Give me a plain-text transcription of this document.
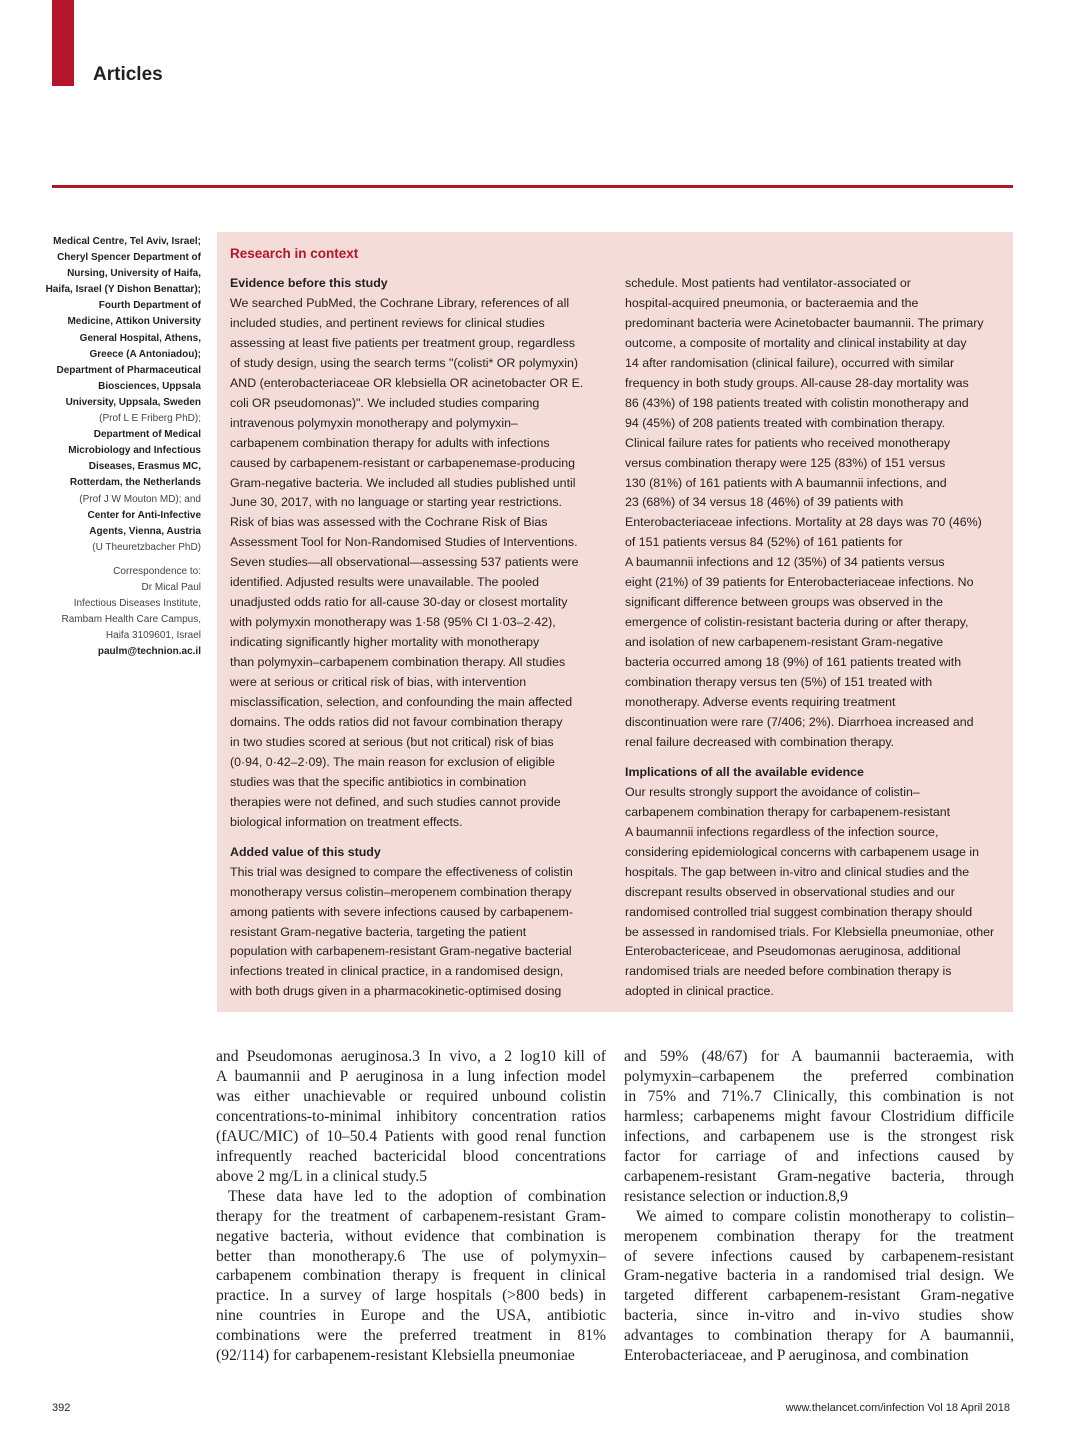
Articles
Medical Centre, Tel Aviv, Israel;
Cheryl Spencer Department of
Nursing, University of Haifa,
Haifa, Israel (Y Dishon Benattar);
Fourth Department of
Medicine, Attikon University
General Hospital, Athens,
Greece (A Antoniadou);
Department of Pharmaceutical
Biosciences, Uppsala
University, Uppsala, Sweden
(Prof L E Friberg PhD);
Department of Medical
Microbiology and Infectious
Diseases, Erasmus MC,
Rotterdam, the Netherlands
(Prof J W Mouton MD); and
Center for Anti-Infective
Agents, Vienna, Austria
(U Theuretzbacher PhD)
Correspondence to:
Dr Mical Paul
Infectious Diseases Institute,
Rambam Health Care Campus,
Haifa 3109601, Israel
paulm@technion.ac.il
Research in context
Evidence before this study
We searched PubMed, the Cochrane Library, references of all
included studies, and pertinent reviews for clinical studies
assessing at least five patients per treatment group, regardless
of study design, using the search terms "(colisti* OR polymyxin)
AND (enterobacteriaceae OR klebsiella OR acinetobacter OR E.
coli OR pseudomonas)". We included studies comparing
intravenous polymyxin monotherapy and polymyxin–
carbapenem combination therapy for adults with infections
caused by carbapenem-resistant or carbapenemase-producing
Gram-negative bacteria. We included all studies published until
June 30, 2017, with no language or starting year restrictions.
Risk of bias was assessed with the Cochrane Risk of Bias
Assessment Tool for Non-Randomised Studies of Interventions.
Seven studies—all observational—assessing 537 patients were
identified. Adjusted results were unavailable. The pooled
unadjusted odds ratio for all-cause 30-day or closest mortality
with polymyxin monotherapy was 1·58 (95% CI 1·03–2·42),
indicating significantly higher mortality with monotherapy
than polymyxin–carbapenem combination therapy. All studies
were at serious or critical risk of bias, with intervention
misclassification, selection, and confounding the main affected
domains. The odds ratios did not favour combination therapy
in two studies scored at serious (but not critical) risk of bias
(0·94, 0·42–2·09). The main reason for exclusion of eligible
studies was that the specific antibiotics in combination
therapies were not defined, and such studies cannot provide
biological information on treatment effects.
Added value of this study
This trial was designed to compare the effectiveness of colistin
monotherapy versus colistin–meropenem combination therapy
among patients with severe infections caused by carbapenem-
resistant Gram-negative bacteria, targeting the patient
population with carbapenem-resistant Gram-negative bacterial
infections treated in clinical practice, in a randomised design,
with both drugs given in a pharmacokinetic-optimised dosing
schedule. Most patients had ventilator-associated or
hospital-acquired pneumonia, or bacteraemia and the
predominant bacteria were Acinetobacter baumannii. The primary
outcome, a composite of mortality and clinical instability at day
14 after randomisation (clinical failure), occurred with similar
frequency in both study groups. All-cause 28-day mortality was
86 (43%) of 198 patients treated with colistin monotherapy and
94 (45%) of 208 patients treated with combination therapy.
Clinical failure rates for patients who received monotherapy
versus combination therapy were 125 (83%) of 151 versus
130 (81%) of 161 patients with A baumannii infections, and
23 (68%) of 34 versus 18 (46%) of 39 patients with
Enterobacteriaceae infections. Mortality at 28 days was 70 (46%)
of 151 patients versus 84 (52%) of 161 patients for
A baumannii infections and 12 (35%) of 34 patients versus
eight (21%) of 39 patients for Enterobacteriaceae infections. No
significant difference between groups was observed in the
emergence of colistin-resistant bacteria during or after therapy,
and isolation of new carbapenem-resistant Gram-negative
bacteria occurred among 18 (9%) of 161 patients treated with
combination therapy versus ten (5%) of 151 treated with
monotherapy. Adverse events requiring treatment
discontinuation were rare (7/406; 2%). Diarrhoea increased and
renal failure decreased with combination therapy.
Implications of all the available evidence
Our results strongly support the avoidance of colistin–
carbapenem combination therapy for carbapenem-resistant
A baumannii infections regardless of the infection source,
considering epidemiological concerns with carbapenem usage in
hospitals. The gap between in-vitro and clinical studies and the
discrepant results observed in observational studies and our
randomised controlled trial suggest combination therapy should
be assessed in randomised trials. For Klebsiella pneumoniae, other
Enterobactericeae, and Pseudomonas aeruginosa, additional
randomised trials are needed before combination therapy is
adopted in clinical practice.
and Pseudomonas aeruginosa.3 In vivo, a 2 log10 kill of
A baumannii and P aeruginosa in a lung infection model
was either unachievable or required unbound colistin
concentrations-to-minimal inhibitory concentration ratios
(fAUC/MIC) of 10–50.4 Patients with good renal function
infrequently reached bactericidal blood concentrations
above 2 mg/L in a clinical study.5
These data have led to the adoption of combination
therapy for the treatment of carbapenem-resistant Gram-
negative bacteria, without evidence that combination is
better than monotherapy.6 The use of polymyxin–
carbapenem combination therapy is frequent in clinical
practice. In a survey of large hospitals (>800 beds) in
nine countries in Europe and the USA, antibiotic
combinations were the preferred treatment in 81%
(92/114) for carbapenem-resistant Klebsiella pneumoniae
and 59% (48/67) for A baumannii bacteraemia, with
polymyxin–carbapenem the preferred combination
in 75% and 71%.7 Clinically, this combination is not
harmless; carbapenems might favour Clostridium difficile
infections, and carbapenem use is the strongest risk
factor for carriage of and infections caused by
carbapenem-resistant Gram-negative bacteria, through
resistance selection or induction.8,9
We aimed to compare colistin monotherapy to colistin–
meropenem combination therapy for the treatment
of severe infections caused by carbapenem-resistant
Gram-negative bacteria in a randomised trial design. We
targeted different carbapenem-resistant Gram-negative
bacteria, since in-vitro and in-vivo studies show
advantages to combination therapy for A baumannii,
Enterobacteriaceae, and P aeruginosa, and combination
392	www.thelancet.com/infection Vol 18 April 2018
